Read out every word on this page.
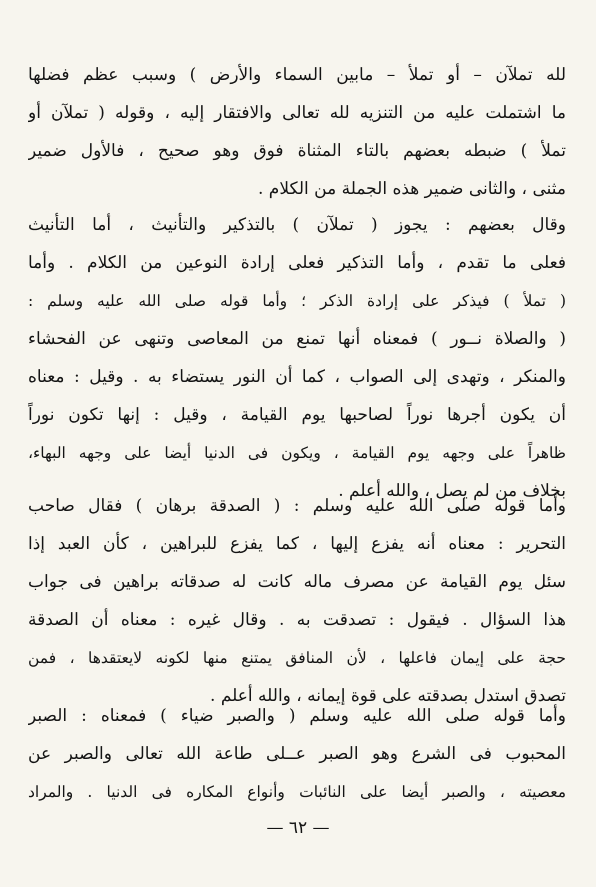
لله تملآن – أو تملأ – مابين السماء والأرض ) وسبب عظم فضلها
ما اشتملت عليه من التنزيه لله تعالى والافتقار إليه ، وقوله ( تملآن أو
تملأ ) ضبطه بعضهم بالتاء المثناة فوق وهو صحيح ، فالأول ضمير
مثنى ، والثانى ضمير هذه الجملة من الكلام .
وقال بعضهم : يجوز ( تملآن ) بالتذكير والتأنيث ، أما التأنيث
فعلى ما تقدم ، وأما التذكير فعلى إرادة النوعين من الكلام . وأما
( تملأ ) فيذكر على إرادة الذكر ؛ وأما قوله صلى الله عليه وسلم :
( والصلاة نــور ) فمعناه أنها تمنع من المعاصى وتنهى عن الفحشاء
والمنكر ، وتهدى إلى الصواب ، كما أن النور يستضاء به . وقيل : معناه
أن يكون أجرها نوراً لصاحبها يوم القيامة ، وقيل : إنها تكون نوراً
ظاهراً على وجهه يوم القيامة ، ويكون فى الدنيا أيضا على وجهه البهاء،
بخلاف من لم يصل ، والله أعلم .
وأما قوله صلى الله عليه وسلم : ( الصدقة برهان ) فقال صاحب
التحرير : معناه أنه يفزع إليها ، كما يفزع للبراهين ، كأن العبد إذا
سئل يوم القيامة عن مصرف ماله كانت له صدقاته براهين فى جواب
هذا السؤال . فيقول : تصدقت به . وقال غيره : معناه أن الصدقة
حجة على إيمان فاعلها ، لأن المنافق يمتنع منها لكونه لايعتقدها ، فمن
تصدق استدل بصدقته على قوة إيمانه ، والله أعلم .
وأما قوله صلى الله عليه وسلم ( والصبر ضياء ) فمعناه : الصبر
المحبوب فى الشرع وهو الصبر عــلى طاعة الله تعالى والصبر عن
معصيته ، والصبر أيضا على النائبات وأنواع المكاره فى الدنيا . والمراد
— ٦٢ —
